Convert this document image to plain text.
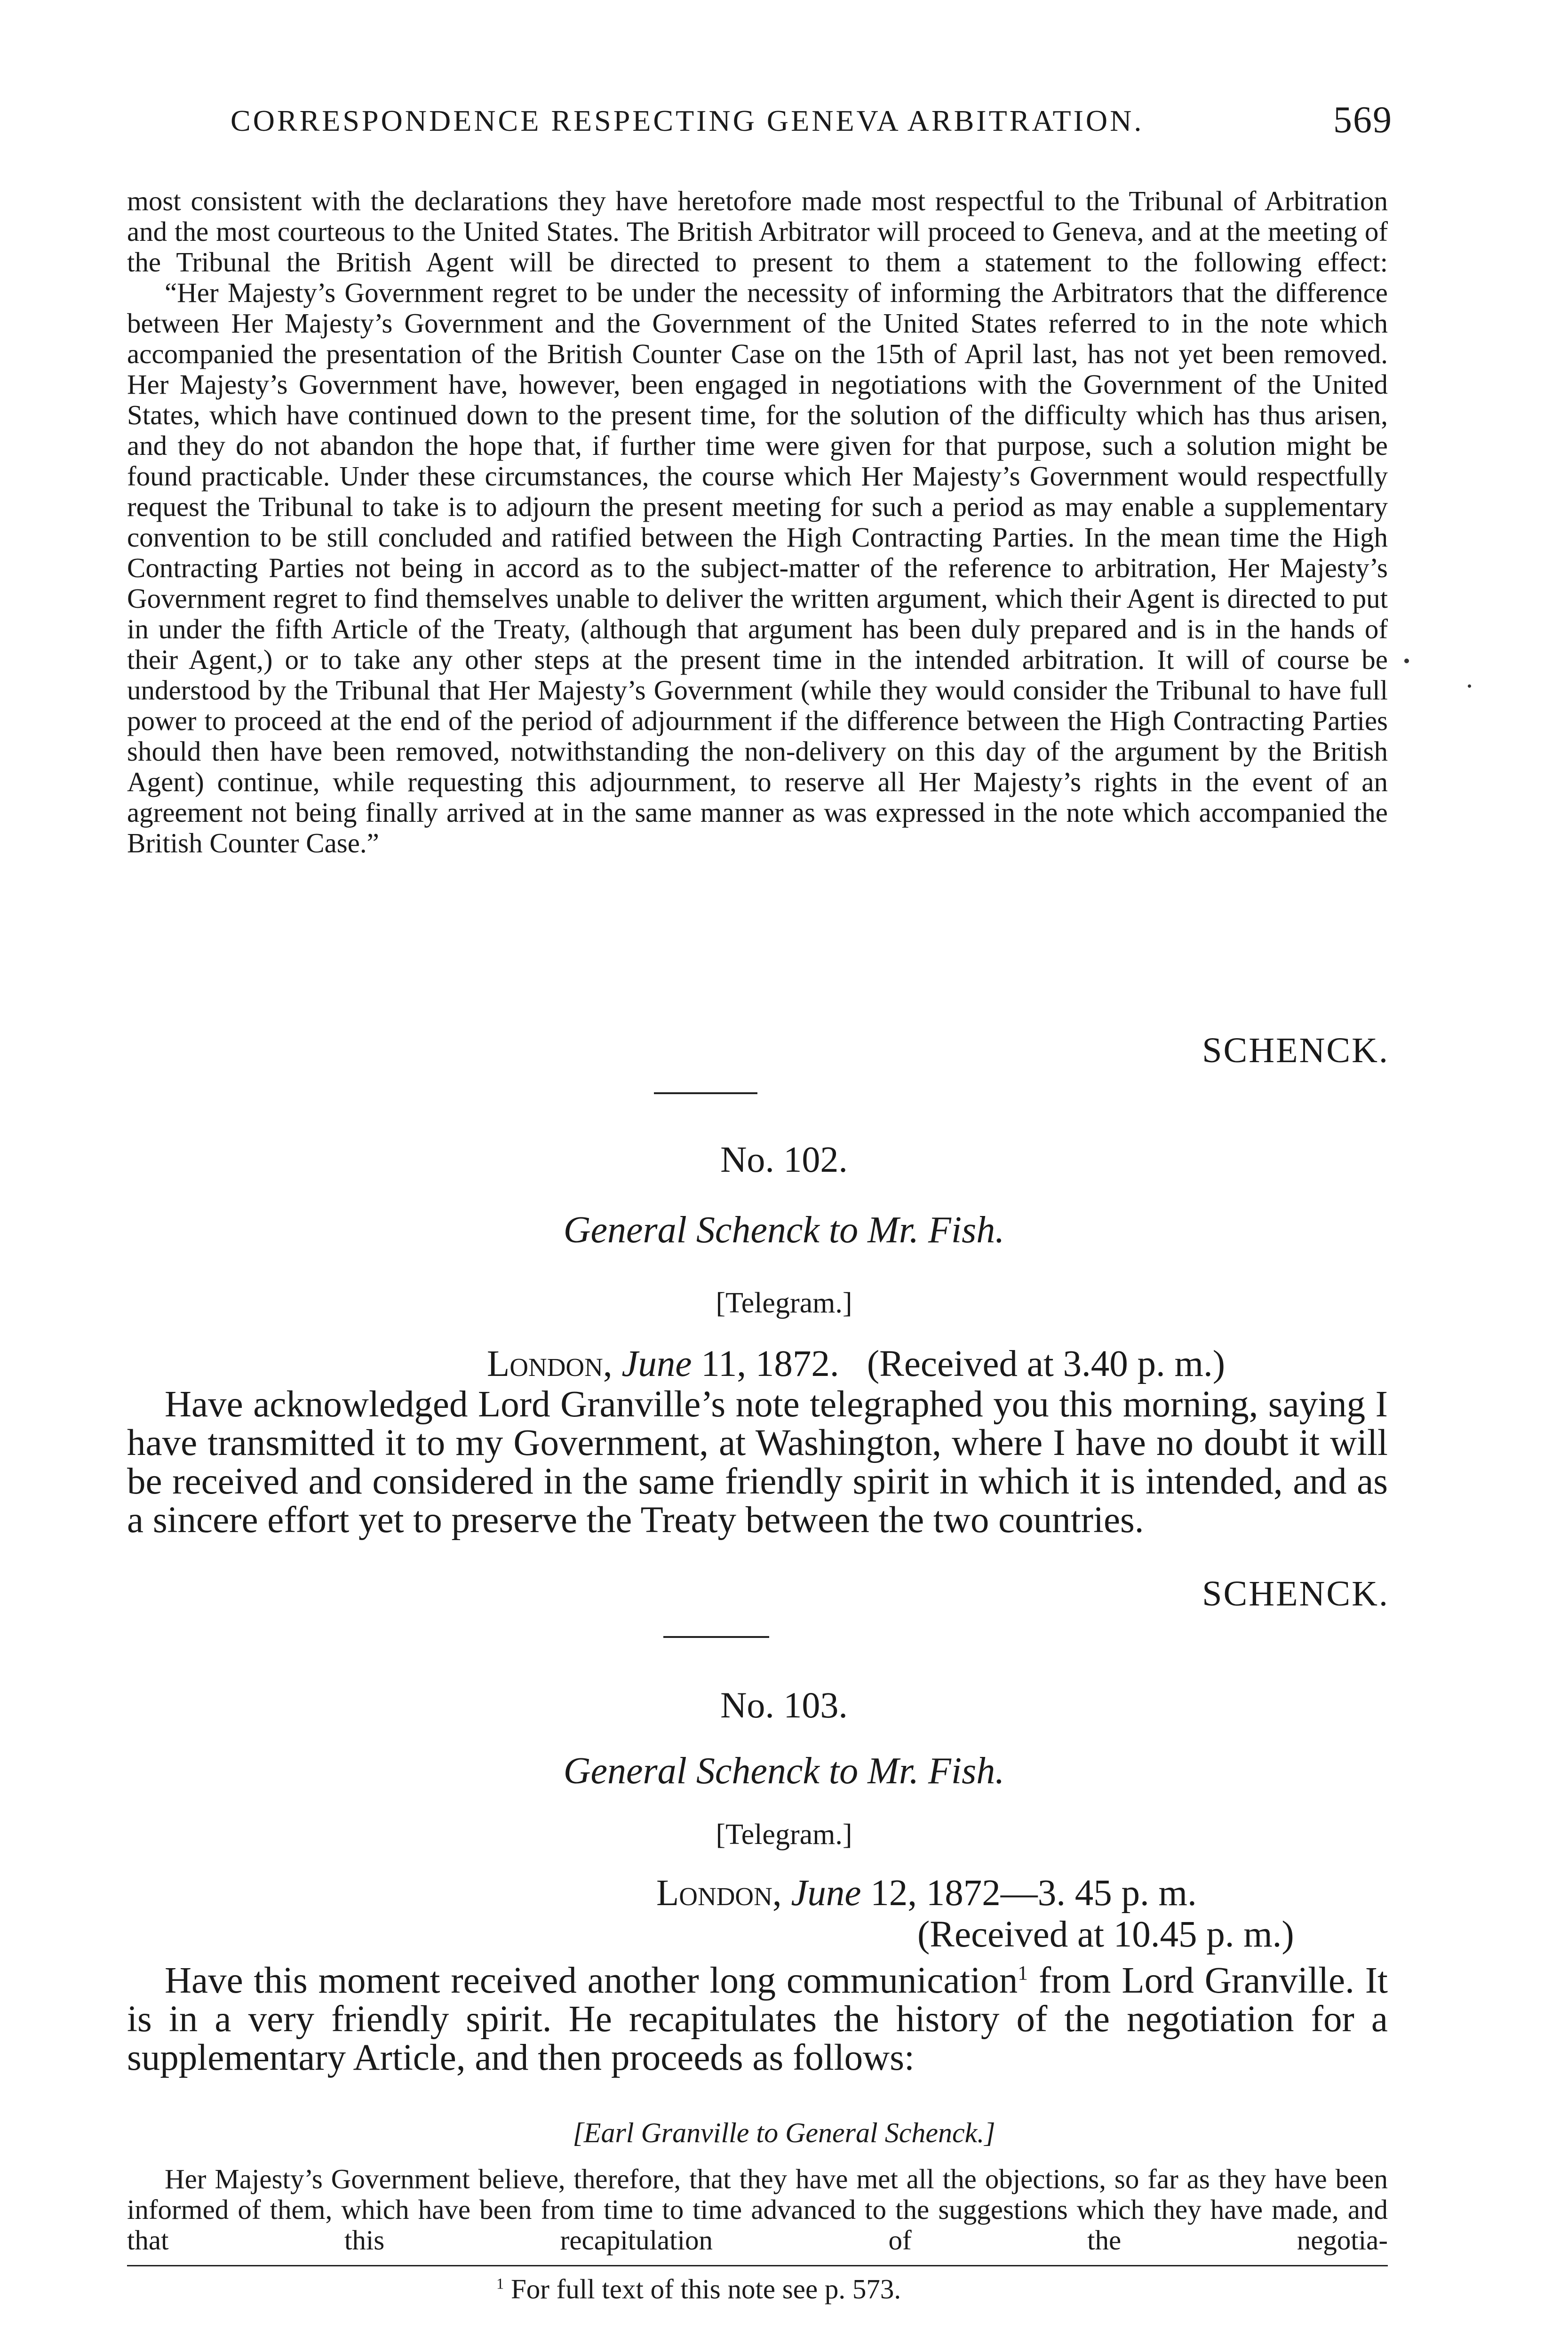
CORRESPONDENCE RESPECTING GENEVA ARBITRATION.	569

most consistent with the declarations they have heretofore made most respectful to the Tribunal of Arbitration and the most courteous to the United States. The British Arbitrator will proceed to Geneva, and at the meeting of the Tribunal the British Agent will be directed to present to them a statement to the following effect:

“Her Majesty’s Government regret to be under the necessity of informing the Arbitrators that the difference between Her Majesty’s Government and the Government of the United States referred to in the note which accompanied the presentation of the British Counter Case on the 15th of April last, has not yet been removed. Her Majesty’s Government have, however, been engaged in negotiations with the Government of the United States, which have continued down to the present time, for the solution of the difficulty which has thus arisen, and they do not abandon the hope that, if further time were given for that purpose, such a solution might be found practicable. Under these circumstances, the course which Her Majesty’s Government would respectfully request the Tribunal to take is to adjourn the present meeting for such a period as may enable a supplementary convention to be still concluded and ratified between the High Contracting Parties. In the mean time the High Contracting Parties not being in accord as to the subject-matter of the reference to arbitration, Her Majesty’s Government regret to find themselves unable to deliver the written argument, which their Agent is directed to put in under the fifth Article of the Treaty, (although that argument has been duly prepared and is in the hands of their Agent,) or to take any other steps at the present time in the intended arbitration. It will of course be understood by the Tribunal that Her Majesty’s Government (while they would consider the Tribunal to have full power to proceed at the end of the period of adjournment if the difference between the High Contracting Parties should then have been removed, notwithstanding the non-delivery on this day of the argument by the British Agent) continue, while requesting this adjournment, to reserve all Her Majesty’s rights in the event of an agreement not being finally arrived at in the same manner as was expressed in the note which accompanied the British Counter Case.”

SCHENCK.
No. 102.
General Schenck to Mr. Fish.
[Telegram.]
London, June 11, 1872. (Received at 3.40 p. m.)
Have acknowledged Lord Granville’s note telegraphed you this morning, saying I have transmitted it to my Government, at Washington, where I have no doubt it will be received and considered in the same friendly spirit in which it is intended, and as a sincere effort yet to preserve the Treaty between the two countries.
SCHENCK.
No. 103.
General Schenck to Mr. Fish.
[Telegram.]
London, June 12, 1872—3. 45 p. m.
(Received at 10.45 p. m.)
Have this moment received another long communication$^1$ from Lord Granville. It is in a very friendly spirit. He recapitulates the history of the negotiation for a supplementary Article, and then proceeds as follows:
[Earl Granville to General Schenck.]
Her Majesty’s Government believe, therefore, that they have met all the objections, so far as they have been informed of them, which have been from time to time advanced to the suggestions which they have made, and that this recapitulation of the negotia-
$^1$ For full text of this note see p. 573.
